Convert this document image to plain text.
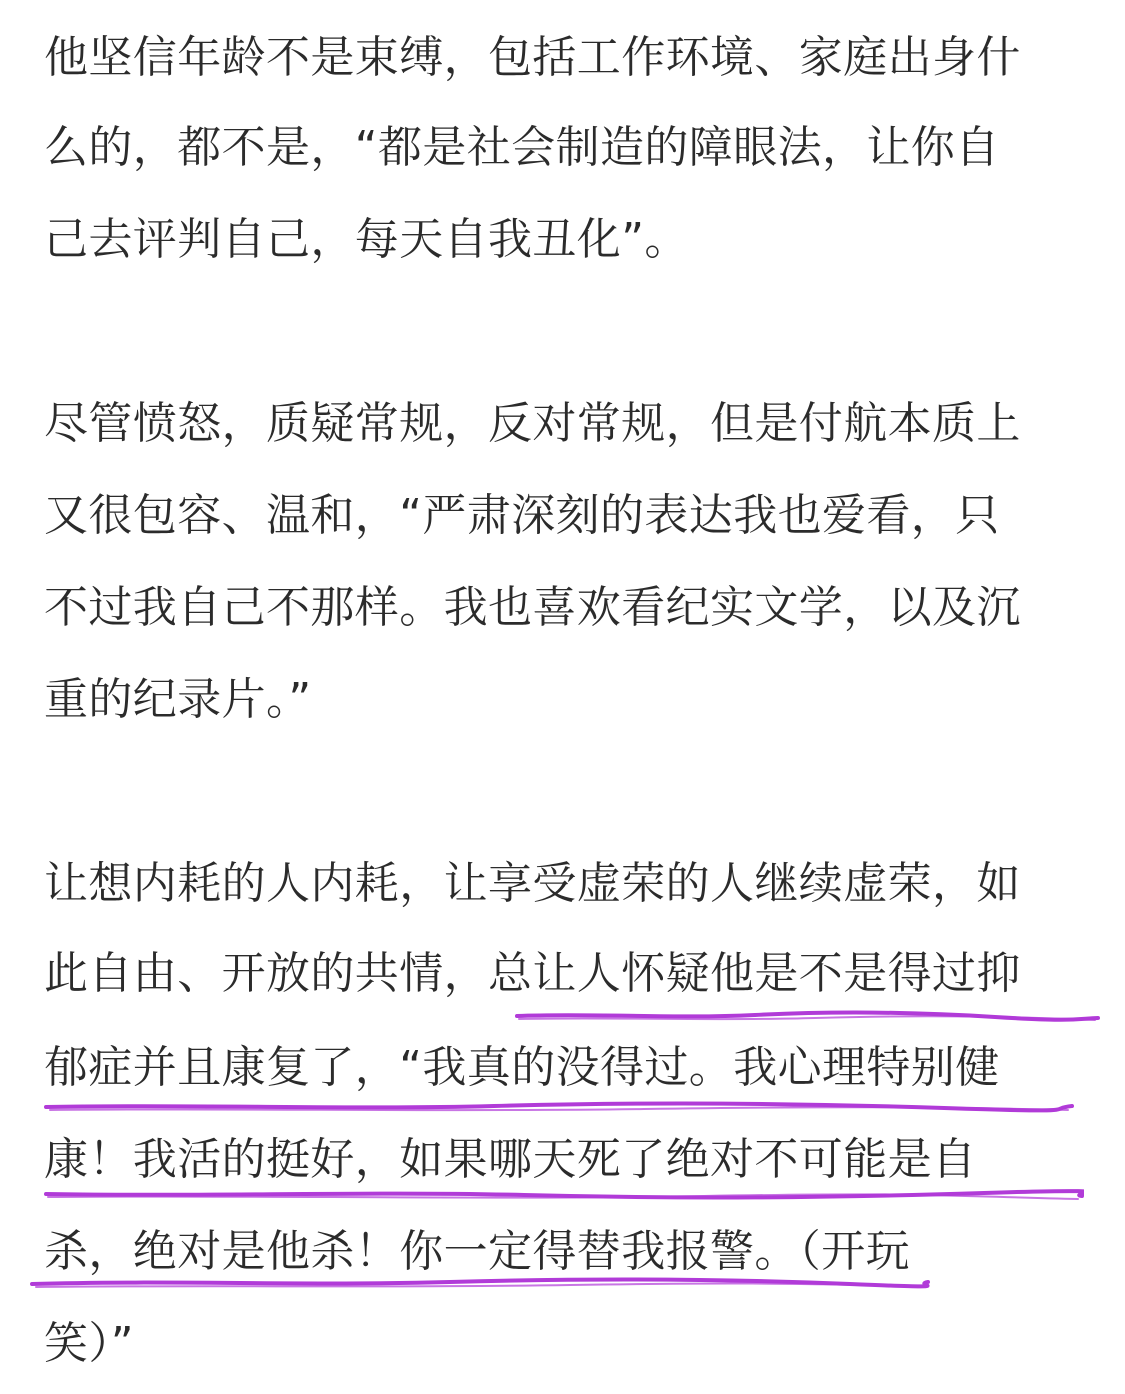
他坚信年龄不是束缚，包括工作环境、家庭出身什
么的，都不是，“都是社会制造的障眼法，让你自
己去评判自己，每天自我丑化”。
尽管愤怒，质疑常规，反对常规，但是付航本质上
又很包容、温和，“严肃深刻的表达我也爱看，只
不过我自己不那样。我也喜欢看纪实文学，以及沉
重的纪录片。”
让想内耗的人内耗，让享受虚荣的人继续虚荣，如
此自由、开放的共情，总让人怀疑他是不是得过抑
郁症并且康复了，“我真的没得过。我心理特别健
康！我活的挺好，如果哪天死了绝对不可能是自
杀，绝对是他杀！你一定得替我报警。（开玩
笑）”
